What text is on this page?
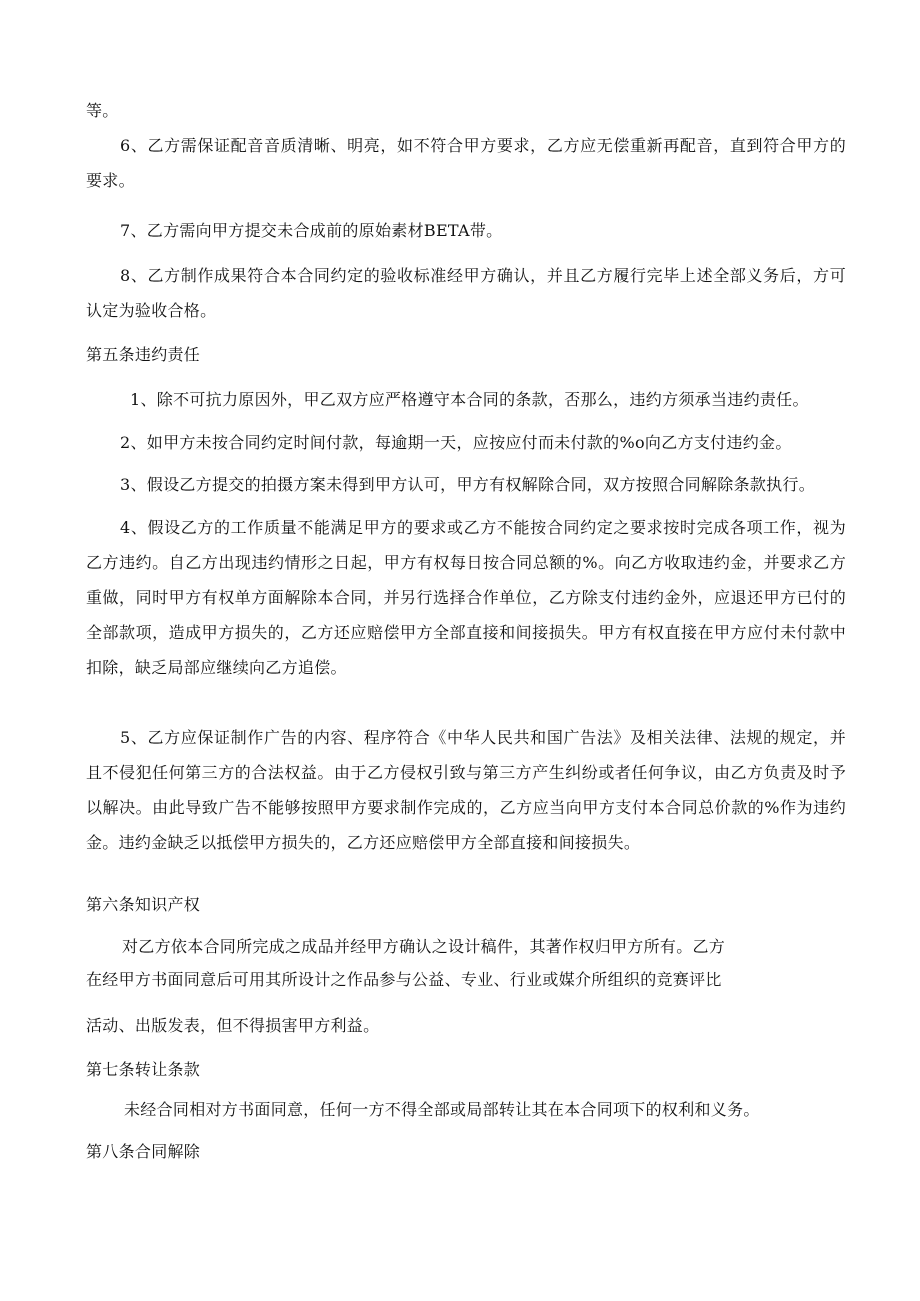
等。

6、乙方需保证配音音质清晰、明亮，如不符合甲方要求，乙方应无偿重新再配音，直到符合甲方的要求。

7、乙方需向甲方提交未合成前的原始素材BETA带。

8、乙方制作成果符合本合同约定的验收标准经甲方确认，并且乙方履行完毕上述全部义务后，方可认定为验收合格。

第五条违约责任

1、除不可抗力原因外，甲乙双方应严格遵守本合同的条款，否那么，违约方须承当违约责任。

2、如甲方未按合同约定时间付款，每逾期一天，应按应付而未付款的%o向乙方支付违约金。

3、假设乙方提交的拍摄方案未得到甲方认可，甲方有权解除合同，双方按照合同解除条款执行。

4、假设乙方的工作质量不能满足甲方的要求或乙方不能按合同约定之要求按时完成各项工作，视为乙方违约。自乙方出现违约情形之日起，甲方有权每日按合同总额的%。向乙方收取违约金，并要求乙方重做，同时甲方有权单方面解除本合同，并另行选择合作单位，乙方除支付违约金外，应退还甲方已付的全部款项，造成甲方损失的，乙方还应赔偿甲方全部直接和间接损失。甲方有权直接在甲方应付未付款中扣除，缺乏局部应继续向乙方追偿。

5、乙方应保证制作广告的内容、程序符合《中华人民共和国广告法》及相关法律、法规的规定，并且不侵犯任何第三方的合法权益。由于乙方侵权引致与第三方产生纠纷或者任何争议，由乙方负责及时予以解决。由此导致广告不能够按照甲方要求制作完成的，乙方应当向甲方支付本合同总价款的%作为违约金。违约金缺乏以抵偿甲方损失的，乙方还应赔偿甲方全部直接和间接损失。

第六条知识产权

对乙方依本合同所完成之成品并经甲方确认之设计稿件，其著作权归甲方所有。乙方

在经甲方书面同意后可用其所设计之作品参与公益、专业、行业或媒介所组织的竞赛评比

活动、出版发表，但不得损害甲方利益。

第七条转让条款

未经合同相对方书面同意，任何一方不得全部或局部转让其在本合同项下的权利和义务。

第八条合同解除
